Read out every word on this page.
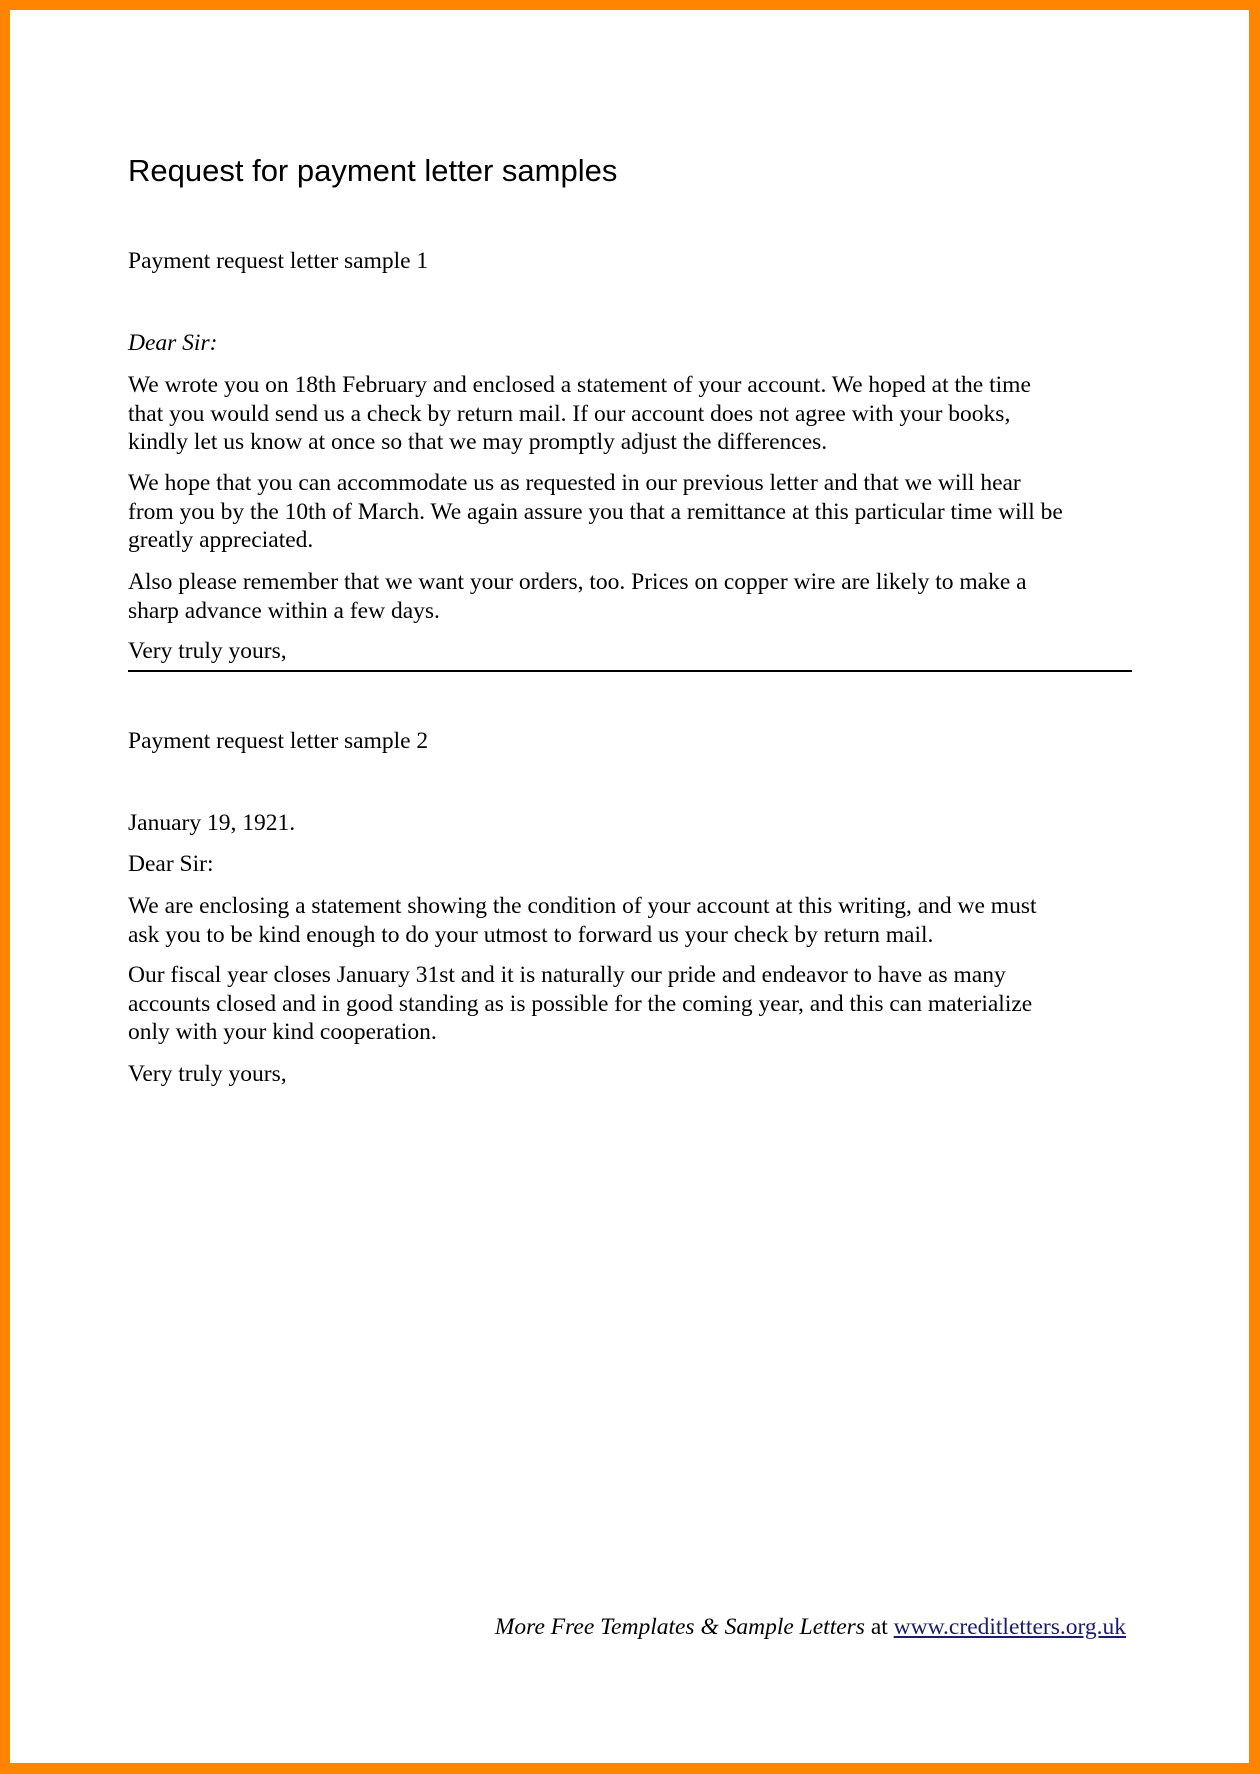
Request for payment letter samples
Payment request letter sample 1
Dear Sir:
We wrote you on 18th February and enclosed a statement of your account. We hoped at the time
that you would send us a check by return mail. If our account does not agree with your books,
kindly let us know at once so that we may promptly adjust the differences.
We hope that you can accommodate us as requested in our previous letter and that we will hear
from you by the 10th of March. We again assure you that a remittance at this particular time will be
greatly appreciated.
Also please remember that we want your orders, too. Prices on copper wire are likely to make a
sharp advance within a few days.
Very truly yours,
Payment request letter sample 2
January 19, 1921.
Dear Sir:
We are enclosing a statement showing the condition of your account at this writing, and we must
ask you to be kind enough to do your utmost to forward us your check by return mail.
Our fiscal year closes January 31st and it is naturally our pride and endeavor to have as many
accounts closed and in good standing as is possible for the coming year, and this can materialize
only with your kind cooperation.
Very truly yours,
More Free Templates & Sample Letters at www.creditletters.org.uk
